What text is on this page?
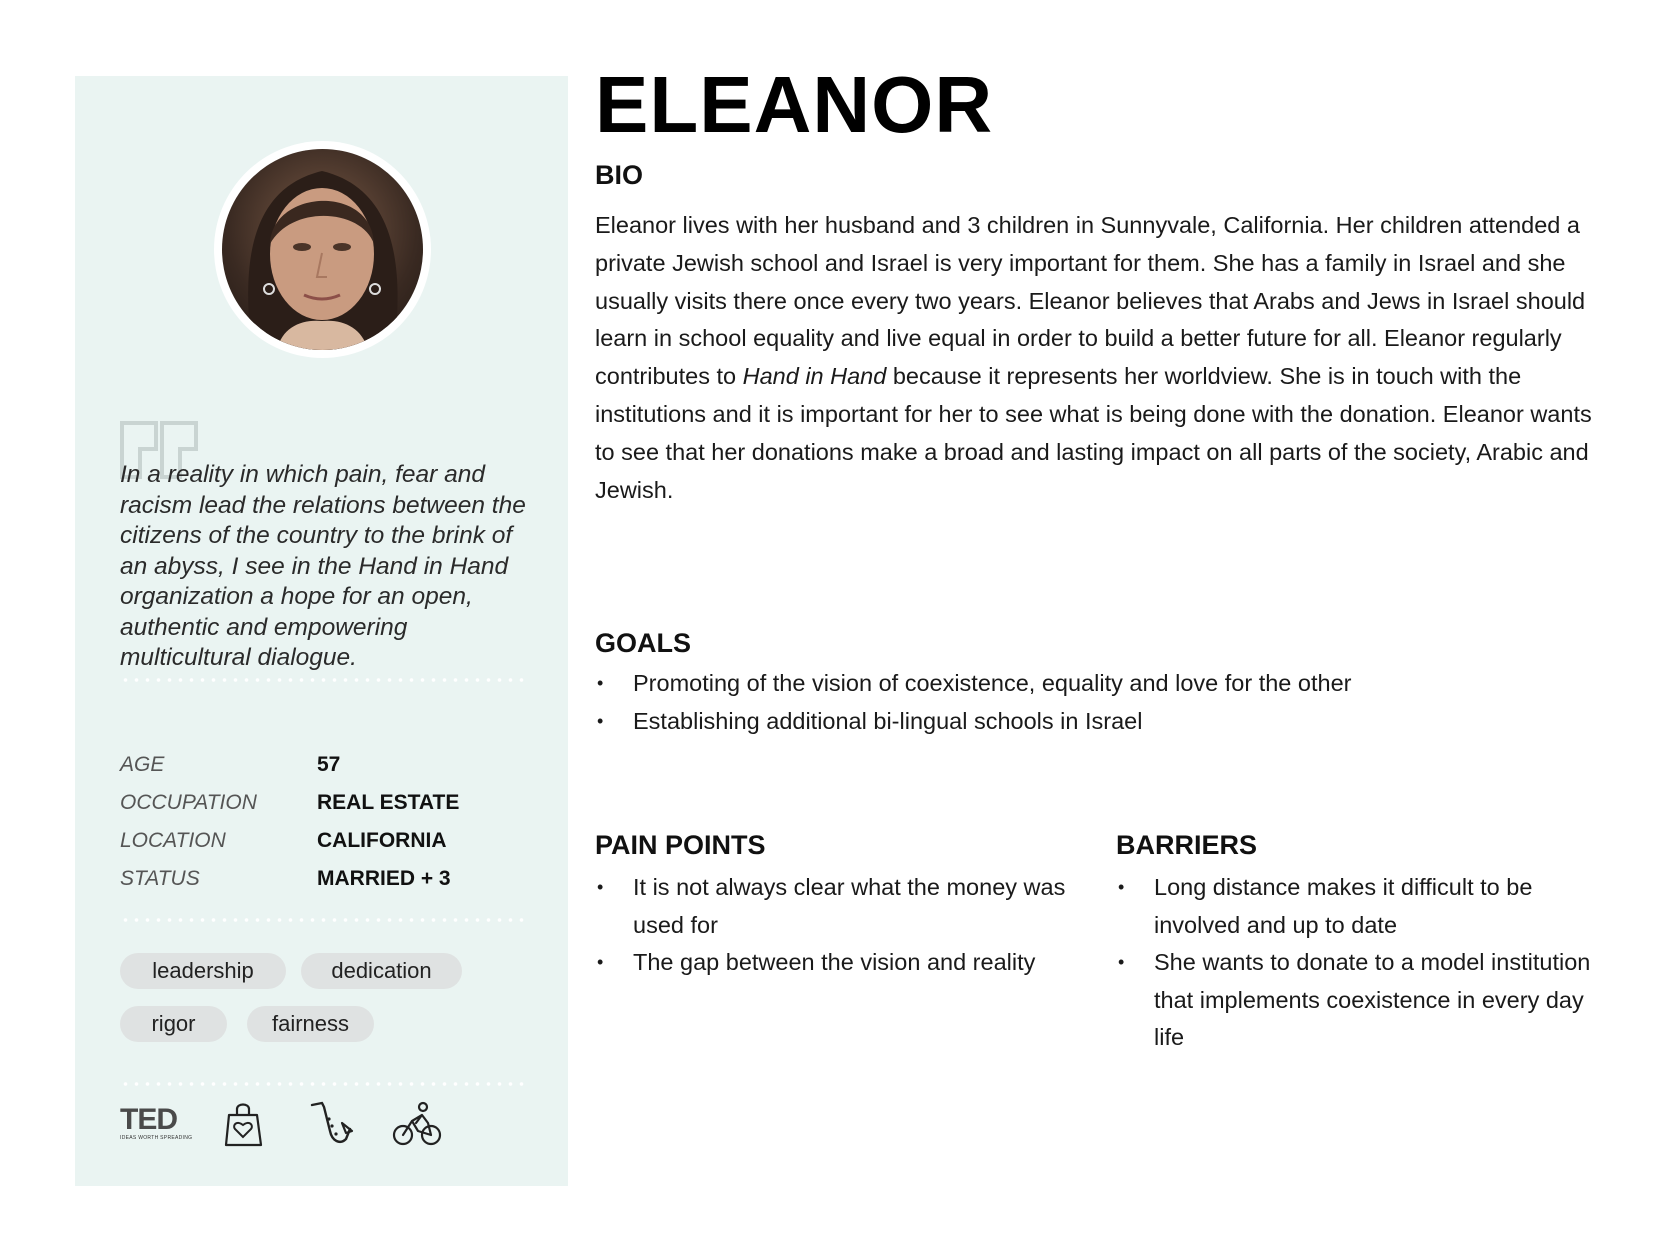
In a reality in which pain, fear and racism lead the relations between the citizens of the country to the brink of an abyss, I see in the Hand in Hand organization a hope for an open, authentic and empowering multicultural dialogue.
AGE	57
OCCUPATION	REAL ESTATE
LOCATION	CALIFORNIA
STATUS	MARRIED + 3
leadership	dedication
rigor	fairness
TED
IDEAS WORTH SPREADING
ELEANOR
BIO
Eleanor lives with her husband and 3 children in Sunnyvale, California. Her children attended a private Jewish school and Israel is very important for them. She has a family in Israel and she usually visits there once every two years. Eleanor believes that Arabs and Jews in Israel should learn in school equality and live equal in order to build a better future for all. Eleanor regularly contributes to Hand in Hand because it represents her worldview. She is in touch with the institutions and it is important for her to see what is being done with the donation. Eleanor wants to see that her donations make a broad and lasting impact on all parts of the society, Arabic and Jewish.
GOALS
• Promoting of the vision of coexistence, equality and love for the other
• Establishing additional bi-lingual schools in Israel
PAIN POINTS
• It is not always clear what the money was used for
• The gap between the vision and reality
BARRIERS
• Long distance makes it difficult to be involved and up to date
• She wants to donate to a model institution that implements coexistence in every day life
